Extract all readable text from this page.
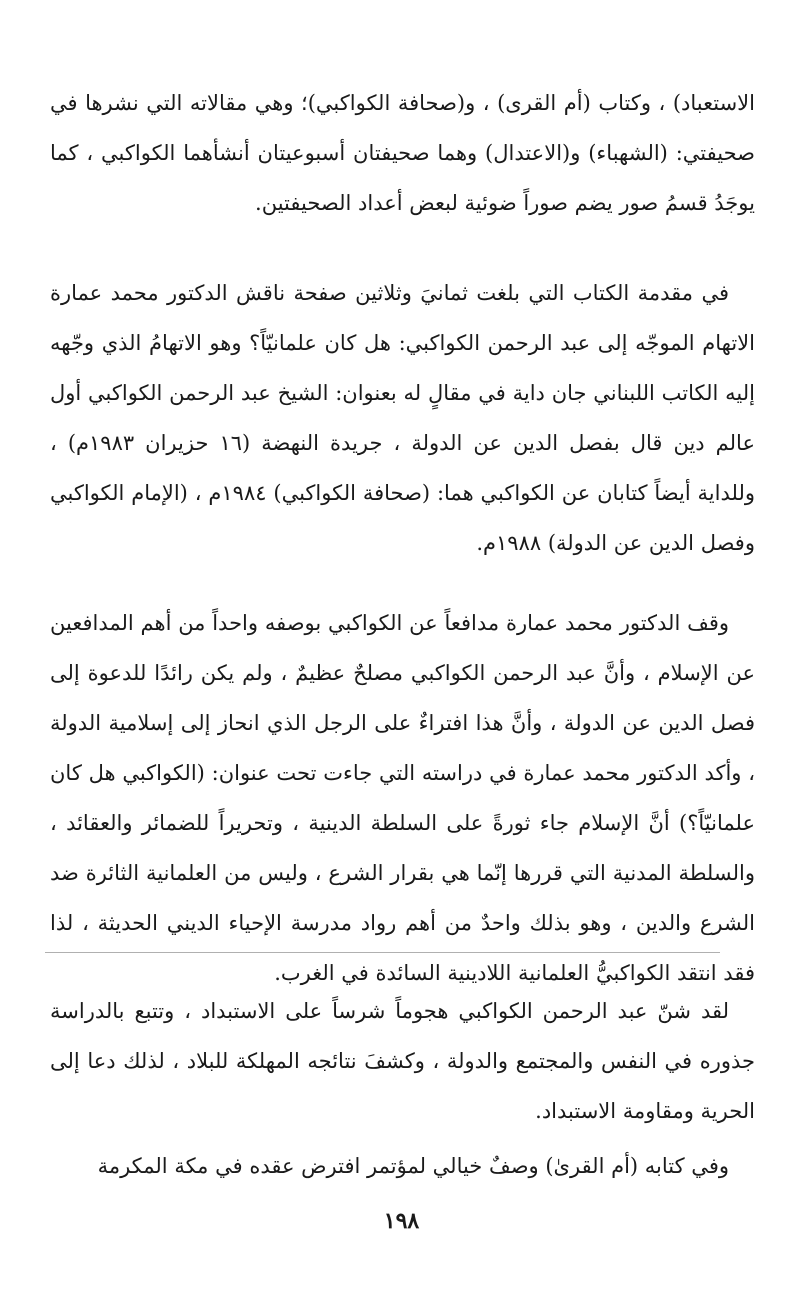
الاستعباد) ، وكتاب (أم القرى) ، و(صحافة الكواكبي)؛ وهي مقالاته التي نشرها في صحيفتي: (الشهباء) و(الاعتدال) وهما صحيفتان أسبوعيتان أنشأهما الكواكبي ، كما يوجَدُ قسمُ صور يضم صوراً ضوئية لبعض أعداد الصحيفتين.

في مقدمة الكتاب التي بلغت ثمانيَ وثلاثين صفحة ناقش الدكتور محمد عمارة الاتهام الموجّه إلى عبد الرحمن الكواكبي: هل كان علمانيّاً؟ وهو الاتهامُ الذي وجّهه إليه الكاتب اللبناني جان داية في مقالٍ له بعنوان: الشيخ عبد الرحمن الكواكبي أول عالم دين قال بفصل الدين عن الدولة ، جريدة النهضة (١٦ حزيران ١٩٨٣م) ، وللداية أيضاً كتابان عن الكواكبي هما: (صحافة الكواكبي) ١٩٨٤م ، (الإمام الكواكبي وفصل الدين عن الدولة) ١٩٨٨م.

وقف الدكتور محمد عمارة مدافعاً عن الكواكبي بوصفه واحداً من أهم المدافعين عن الإسلام ، وأنَّ عبد الرحمن الكواكبي مصلحٌ عظيمٌ ، ولم يكن رائدًا للدعوة إلى فصل الدين عن الدولة ، وأنَّ هذا افتراءٌ على الرجل الذي انحاز إلى إسلامية الدولة ، وأكد الدكتور محمد عمارة في دراسته التي جاءت تحت عنوان: (الكواكبي هل كان علمانيّاً؟) أنَّ الإسلام جاء ثورةً على السلطة الدينية ، وتحريراً للضمائر والعقائد ، والسلطة المدنية التي قررها إنّما هي بقرار الشرع ، وليس من العلمانية الثائرة ضد الشرع والدين ، وهو بذلك واحدٌ من أهم رواد مدرسة الإحياء الديني الحديثة ، لذا فقد انتقد الكواكبيُّ العلمانية اللادينية السائدة في الغرب.

لقد شنّ عبد الرحمن الكواكبي هجوماً شرساً على الاستبداد ، وتتبع بالدراسة جذوره في النفس والمجتمع والدولة ، وكشفَ نتائجه المهلكة للبلاد ، لذلك دعا إلى الحرية ومقاومة الاستبداد.

وفي كتابه (أم القرىٰ) وصفٌ خيالي لمؤتمر افترض عقده في مكة المكرمة

١٩٨
